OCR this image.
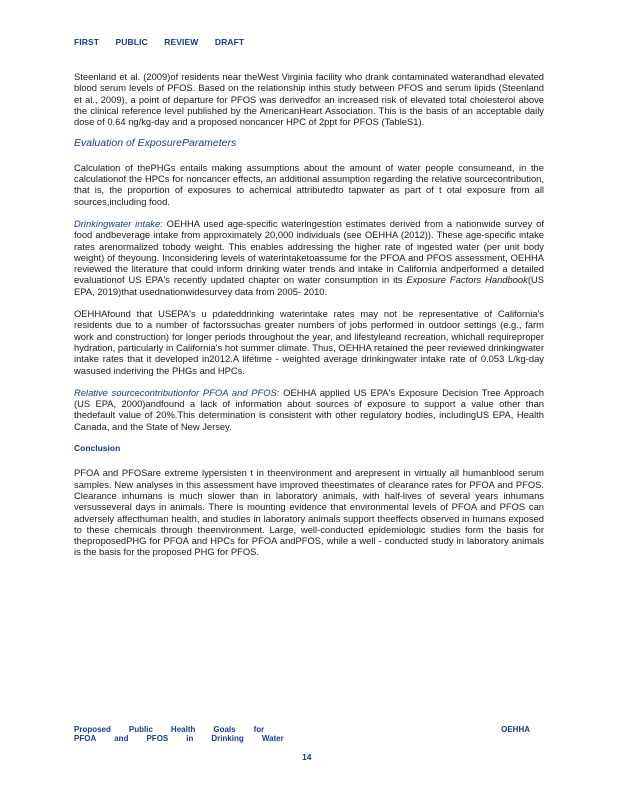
FIRST PUBLIC REVIEW DRAFT

Steenland et al. (2009)of residents near theWest Virginia facility who drank contaminated waterandhad elevated blood serum levels of PFOS. Based on the relationship inthis study between PFOS and serum lipids (Steenland et al., 2009), a point of departure for PFOS was derivedfor an increased risk of elevated total cholesterol above the clinical reference level published by the AmericanHeart Association. This is the basis of an acceptable daily dose of 0.64 ng/kg-day and a proposed noncancer HPC of 2ppt for PFOS (TableS1).

Evaluation of ExposureParameters

Calculation of thePHGs entails making assumptions about the amount of water people consumeand, in the calculationof the HPCs for noncancer effects, an additional assumption regarding the relative sourcecontribution, that is, the proportion of exposures to achemical attributedto tapwater as part of t otal exposure from all sources,including food.

Drinkingwater intake: OEHHA used age-specific wateringestion estimates derived from a nationwide survey of food andbeverage intake from approximately 20,000 individuals (see OEHHA (2012)). These age-specific intake rates arenormalized tobody weight. This enables addressing the higher rate of ingested water (per unit body weight) of theyoung. Inconsidering levels of waterintaketoassume for the PFOA and PFOS assessment, OEHHA reviewed the literature that could inform drinking water trends and intake in California andperformed a detailed evaluationof US EPA's recently updated chapter on water consumption in its Exposure Factors Handbook(US EPA, 2019)that usednationwidesurvey data from 2005- 2010.

OEHHAfound that USEPA's u pdateddrinking waterintake rates may not be representative of California's residents due to a number of factorssuchas greater numbers of jobs performed in outdoor settings (e.g., farm work and construction) for longer periods throughout the year, and lifestyleand recreation, whichall requireproper hydration, particularly in California's hot summer climate. Thus, OEHHA retained the peer reviewed drinkingwater intake rates that it developed in2012.A lifetime - weighted average drinkingwater intake rate of 0.053 L/kg-day wasused inderiving the PHGs and HPCs.

Relative sourcecontributionfor PFOA and PFOS: OEHHA applied US EPA's Exposure Decision Tree Approach (US EPA, 2000)andfound a lack of information about sources of exposure to support a value other than thedefault value of 20%.This determination is consistent with other regulatory bodies, includingUS EPA, Health Canada, and the State of New Jersey.

Conclusion

PFOA and PFOSare extreme lypersisten t in theenvironment and arepresent in virtually all humanblood serum samples. New analyses in this assessment have improved theestimates of clearance rates for PFOA and PFOS. Clearance inhumans is much slower than in laboratory animals, with half-lives of several years inhumans versusseveral days in animals. There is mounting evidence that environmental levels of PFOA and PFOS can adversely affecthuman health, and studies in laboratory animals support theeffects observed in humans exposed to these chemicals through theenvironment. Large, well-conducted epidemiologic studies form the basis for theproposedPHG for PFOA and HPCs for PFOA andPFOS, while a well - conducted study in laboratory animals is the basis for the proposed PHG for PFOS.

Proposed Public Health Goals for
PFOA and PFOS in Drinking Water
OEHHA
14
